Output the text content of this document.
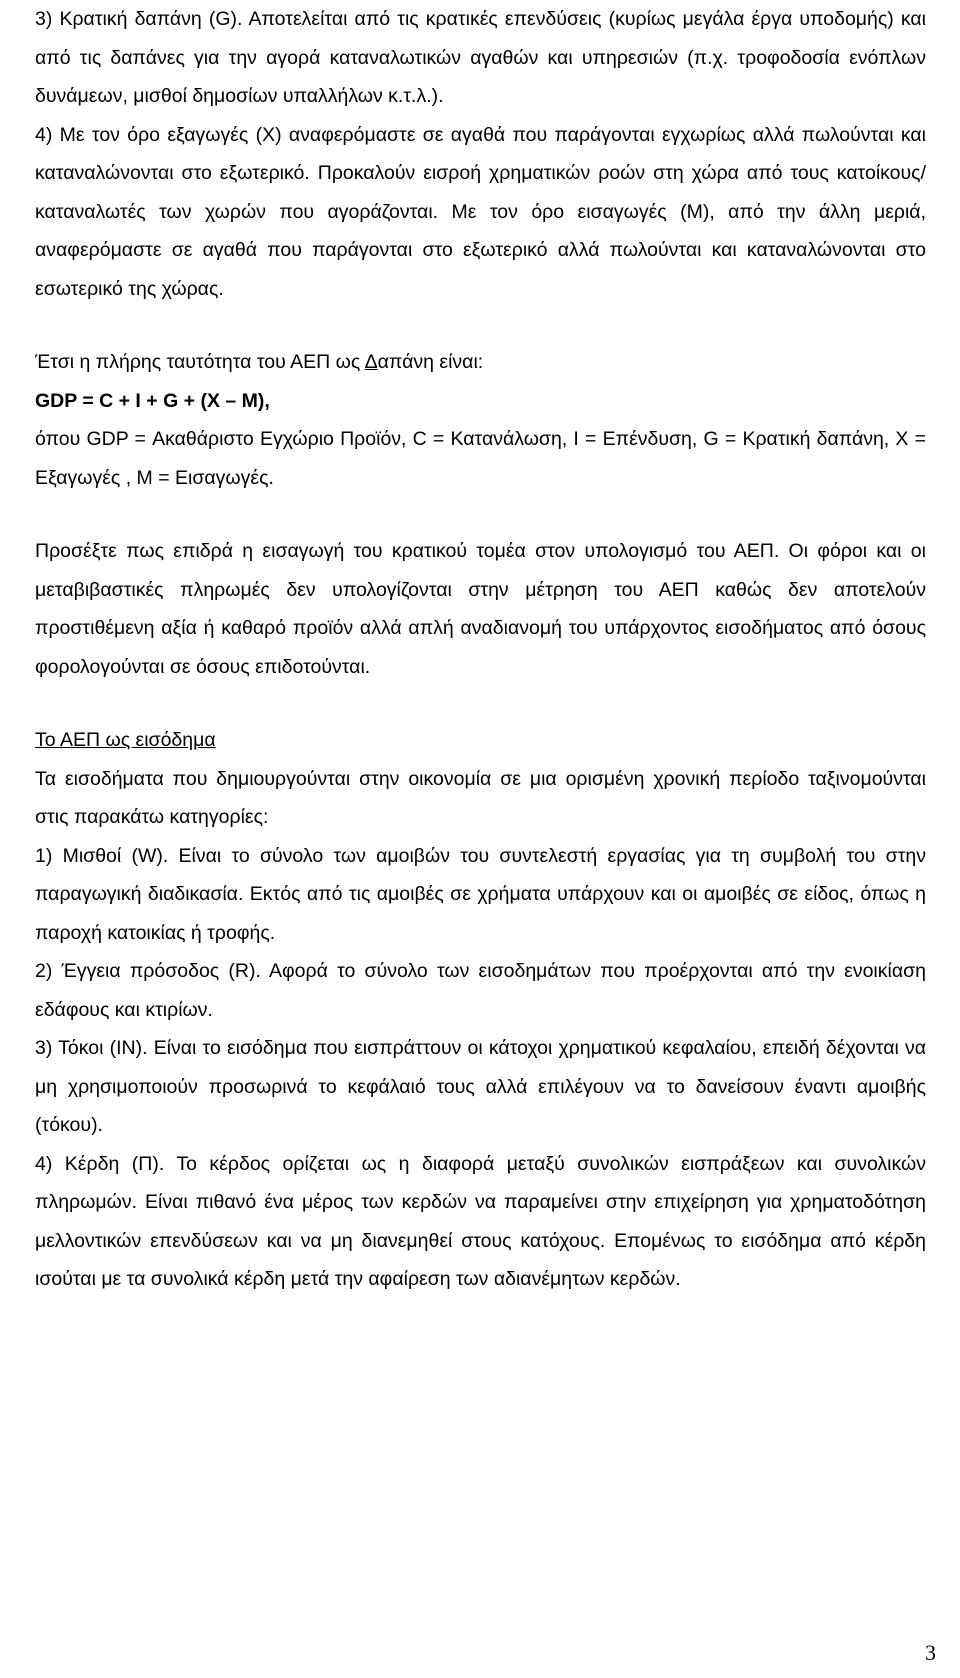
3) Κρατική δαπάνη (G). Αποτελείται από τις κρατικές επενδύσεις (κυρίως μεγάλα έργα υποδομής) και από τις δαπάνες για την αγορά καταναλωτικών αγαθών και υπηρεσιών (π.χ. τροφοδοσία ενόπλων δυνάμεων, μισθοί δημοσίων υπαλλήλων κ.τ.λ.).

4) Με τον όρο εξαγωγές (X) αναφερόμαστε σε αγαθά που παράγονται εγχωρίως αλλά πωλούνται και καταναλώνονται στο εξωτερικό. Προκαλούν εισροή χρηματικών ροών στη χώρα από τους κατοίκους/καταναλωτές των χωρών που αγοράζονται. Με τον όρο εισαγωγές (M), από την άλλη μεριά, αναφερόμαστε σε αγαθά που παράγονται στο εξωτερικό αλλά πωλούνται και καταναλώνονται στο εσωτερικό της χώρας.

Έτσι η πλήρης ταυτότητα του ΑΕΠ ως Δαπάνη είναι:

GDP = C + I + G + (X – M),

όπου GDP = Ακαθάριστο Εγχώριο Προϊόν, C = Κατανάλωση, I = Επένδυση, G = Κρατική δαπάνη, X = Εξαγωγές , M = Εισαγωγές.

Προσέξτε πως επιδρά η εισαγωγή του κρατικού τομέα στον υπολογισμό του ΑΕΠ. Οι φόροι και οι μεταβιβαστικές πληρωμές δεν υπολογίζονται στην μέτρηση του ΑΕΠ καθώς δεν αποτελούν προστιθέμενη αξία ή καθαρό προϊόν αλλά απλή αναδιανομή του υπάρχοντος εισοδήματος από όσους φορολογούνται σε όσους επιδοτούνται.

Το ΑΕΠ ως εισόδημα

Τα εισοδήματα που δημιουργούνται στην οικονομία σε μια ορισμένη χρονική περίοδο ταξινομούνται στις παρακάτω κατηγορίες:

1) Μισθοί (W). Είναι το σύνολο των αμοιβών του συντελεστή εργασίας για τη συμβολή του στην παραγωγική διαδικασία. Εκτός από τις αμοιβές σε χρήματα υπάρχουν και οι αμοιβές σε είδος, όπως η παροχή κατοικίας ή τροφής.

2) Έγγεια πρόσοδος (R). Αφορά το σύνολο των εισοδημάτων που προέρχονται από την ενοικίαση εδάφους και κτιρίων.

3) Τόκοι (IN). Είναι το εισόδημα που εισπράττουν οι κάτοχοι χρηματικού κεφαλαίου, επειδή δέχονται να μη χρησιμοποιούν προσωρινά το κεφάλαιό τους αλλά επιλέγουν να το δανείσουν έναντι αμοιβής (τόκου).

4) Κέρδη (Π). Το κέρδος ορίζεται ως η διαφορά μεταξύ συνολικών εισπράξεων και συνολικών πληρωμών. Είναι πιθανό ένα μέρος των κερδών να παραμείνει στην επιχείρηση για χρηματοδότηση μελλοντικών επενδύσεων και να μη διανεμηθεί στους κατόχους. Επομένως το εισόδημα από κέρδη ισούται με τα συνολικά κέρδη μετά την αφαίρεση των αδιανέμητων κερδών.

3
